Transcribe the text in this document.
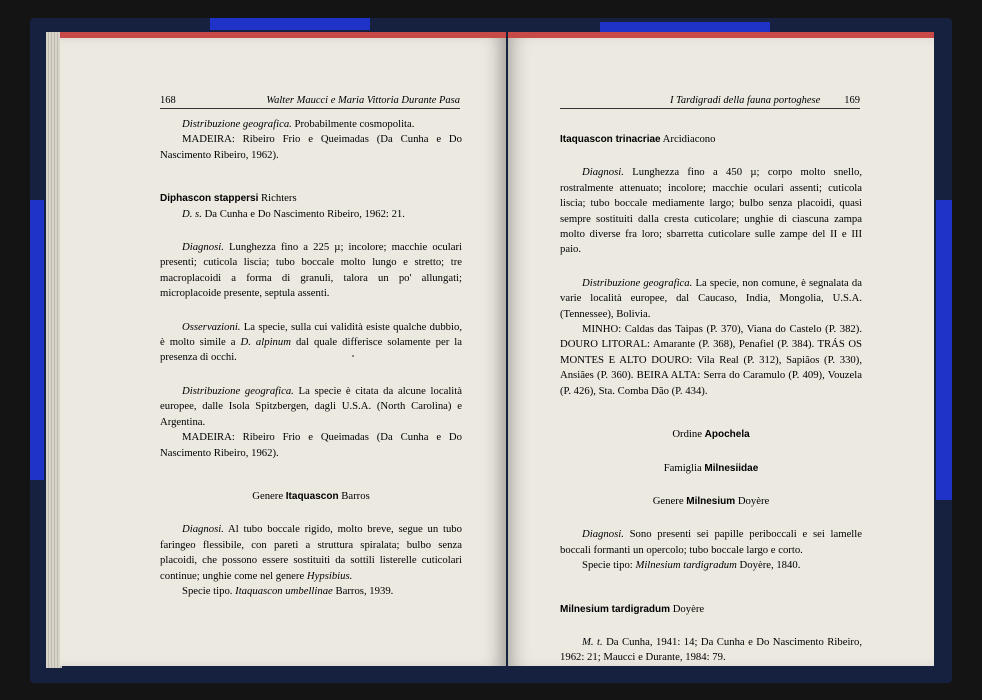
168	Walter Maucci e Maria Vittoria Durante Pasa

Distribuzione geografica. Probabilmente cosmopolita.

MADEIRA: Ribeiro Frio e Queimadas (Da Cunha e Do Nascimento Ribeiro, 1962).

Diphascon stappersi Richters

D. s. Da Cunha e Do Nascimento Ribeiro, 1962: 21.

Diagnosi. Lunghezza fino a 225 µ; incolore; macchie oculari presenti; cuticola liscia; tubo boccale molto lungo e stretto; tre macroplacoidi a forma di granuli, talora un po' allungati; microplacoide presente, septula assenti.

Osservazioni. La specie, sulla cui validità esiste qualche dubbio, è molto simile a D. alpinum dal quale differisce solamente per la presenza di occhi.

Distribuzione geografica. La specie è citata da alcune località europee, dalle Isola Spitzbergen, dagli U.S.A. (North Carolina) e Argentina.

MADEIRA: Ribeiro Frio e Queimadas (Da Cunha e Do Nascimento Ribeiro, 1962).

Genere Itaquascon Barros

Diagnosi. Al tubo boccale rigido, molto breve, segue un tubo faringeo flessibile, con pareti a struttura spiralata; bulbo senza placoidi, che possono essere sostituiti da sottili listerelle cuticolari continue; unghie come nel genere Hypsibius.

Specie tipo. Itaquascon umbellinae Barros, 1939.

I Tardigradi della fauna portoghese	169

Itaquascon trinacriae Arcidiacono

Diagnosi. Lunghezza fino a 450 µ; corpo molto snello, rostralmente attenuato; incolore; macchie oculari assenti; cuticola liscia; tubo boccale mediamente largo; bulbo senza placoidi, quasi sempre sostituiti dalla cresta cuticolare; unghie di ciascuna zampa molto diverse fra loro; sbarretta cuticolare sulle zampe del II e III paio.

Distribuzione geografica. La specie, non comune, è segnalata da varie località europee, dal Caucaso, India, Mongolia, U.S.A. (Tennessee), Bolivia.

MINHO: Caldas das Taipas (P. 370), Viana do Castelo (P. 382). DOURO LITORAL: Amarante (P. 368), Penafiel (P. 384). TRÁS OS MONTES E ALTO DOURO: Vila Real (P. 312), Sapiãos (P. 330), Ansiães (P. 360). BEIRA ALTA: Serra do Caramulo (P. 409), Vouzela (P. 426), Sta. Comba Dão (P. 434).

Ordine Apochela

Famiglia Milnesiidae

Genere Milnesium Doyère

Diagnosi. Sono presenti sei papille periboccali e sei lamelle boccali formanti un opercolo; tubo boccale largo e corto.

Specie tipo: Milnesium tardigradum Doyère, 1840.

Milnesium tardigradum Doyère

M. t. Da Cunha, 1941: 14; Da Cunha e Do Nascimento Ribeiro, 1962: 21; Maucci e Durante, 1984: 79.
